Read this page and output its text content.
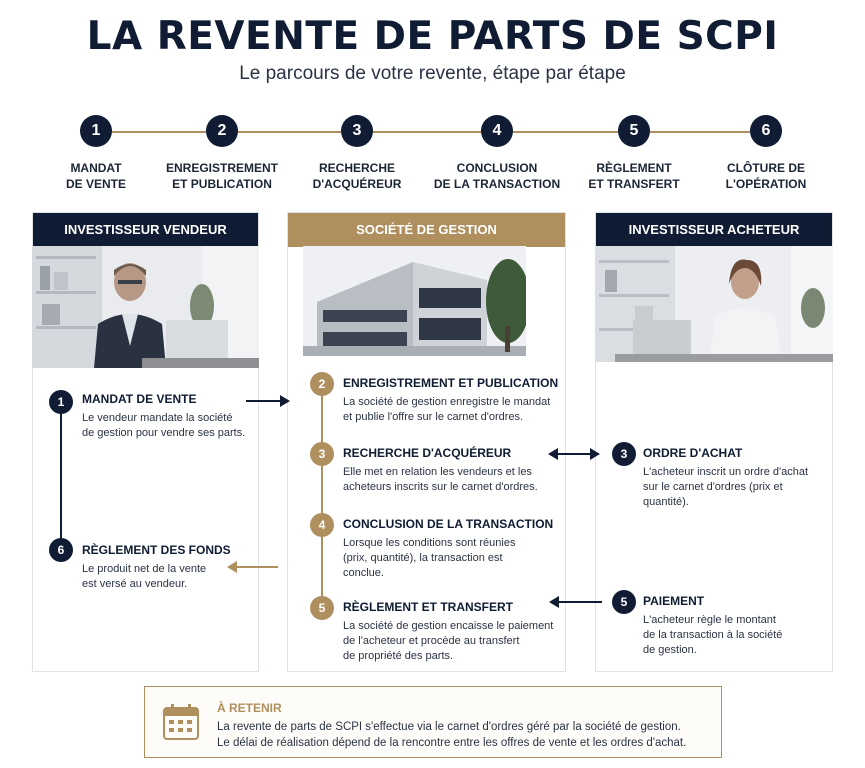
LA REVENTE DE PARTS DE SCPI
Le parcours de votre revente, étape par étape
1	2	3	4	5	6
MANDAT
DE VENTE
ENREGISTREMENT
ET PUBLICATION
RECHERCHE
D'ACQUÉREUR
CONCLUSION
DE LA TRANSACTION
RÈGLEMENT
ET TRANSFERT
CLÔTURE DE
L'OPÉRATION
INVESTISSEUR VENDEUR	SOCIÉTÉ DE GESTION	INVESTISSEUR ACHETEUR
1	MANDAT DE VENTE
Le vendeur mandate la société
de gestion pour vendre ses parts.
6	RÈGLEMENT DES FONDS
Le produit net de la vente
est versé au vendeur.
2	ENREGISTREMENT ET PUBLICATION
La société de gestion enregistre le mandat
et publie l'offre sur le carnet d'ordres.
3	RECHERCHE D'ACQUÉREUR
Elle met en relation les vendeurs et les
acheteurs inscrits sur le carnet d'ordres.
4	CONCLUSION DE LA TRANSACTION
Lorsque les conditions sont réunies
(prix, quantité), la transaction est
conclue.
5	RÈGLEMENT ET TRANSFERT
La société de gestion encaisse le paiement
de l'acheteur et procède au transfert
de propriété des parts.
3	ORDRE D'ACHAT
L'acheteur inscrit un ordre d'achat
sur le carnet d'ordres (prix et quantité).
5	PAIEMENT
L'acheteur règle le montant
de la transaction à la société
de gestion.
À RETENIR
La revente de parts de SCPI s'effectue via le carnet d'ordres géré par la société de gestion.
Le délai de réalisation dépend de la rencontre entre les offres de vente et les ordres d'achat.
